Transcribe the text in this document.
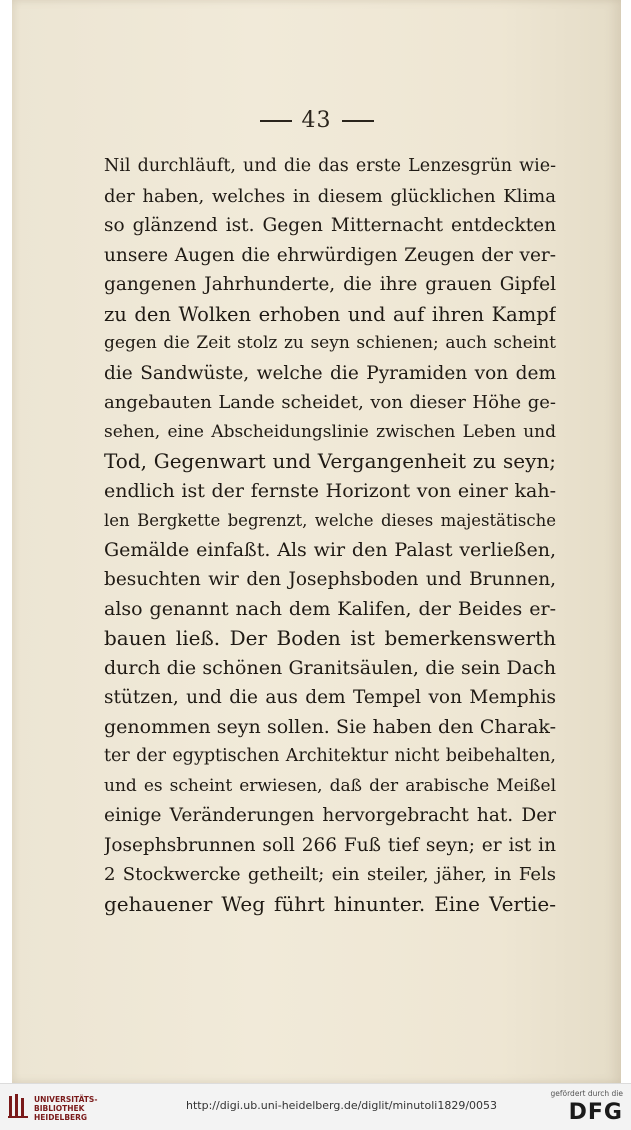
43
Nil durchläuft, und die das erste Lenzesgrün wie-
der haben, welches in diesem glücklichen Klima
so glänzend ist. Gegen Mitternacht entdeckten
unsere Augen die ehrwürdigen Zeugen der ver-
gangenen Jahrhunderte, die ihre grauen Gipfel
zu den Wolken erhoben und auf ihren Kampf
gegen die Zeit stolz zu seyn schienen; auch scheint
die Sandwüste, welche die Pyramiden von dem
angebauten Lande scheidet, von dieser Höhe ge-
sehen, eine Abscheidungslinie zwischen Leben und
Tod, Gegenwart und Vergangenheit zu seyn;
endlich ist der fernste Horizont von einer kah-
len Bergkette begrenzt, welche dieses majestätische
Gemälde einfaßt. Als wir den Palast verließen,
besuchten wir den Josephsboden und Brunnen,
also genannt nach dem Kalifen, der Beides er-
bauen ließ. Der Boden ist bemerkenswerth
durch die schönen Granitsäulen, die sein Dach
stützen, und die aus dem Tempel von Memphis
genommen seyn sollen. Sie haben den Charak-
ter der egyptischen Architektur nicht beibehalten,
und es scheint erwiesen, daß der arabische Meißel
einige Veränderungen hervorgebracht hat. Der
Josephsbrunnen soll 266 Fuß tief seyn; er ist in
2 Stockwercke getheilt; ein steiler, jäher, in Fels
gehauener Weg führt hinunter. Eine Vertie-
UNIVERSITÄTS-
BIBLIOTHEK
HEIDELBERG
http://digi.ub.uni-heidelberg.de/diglit/minutoli1829/0053
gefördert durch die
DFG
